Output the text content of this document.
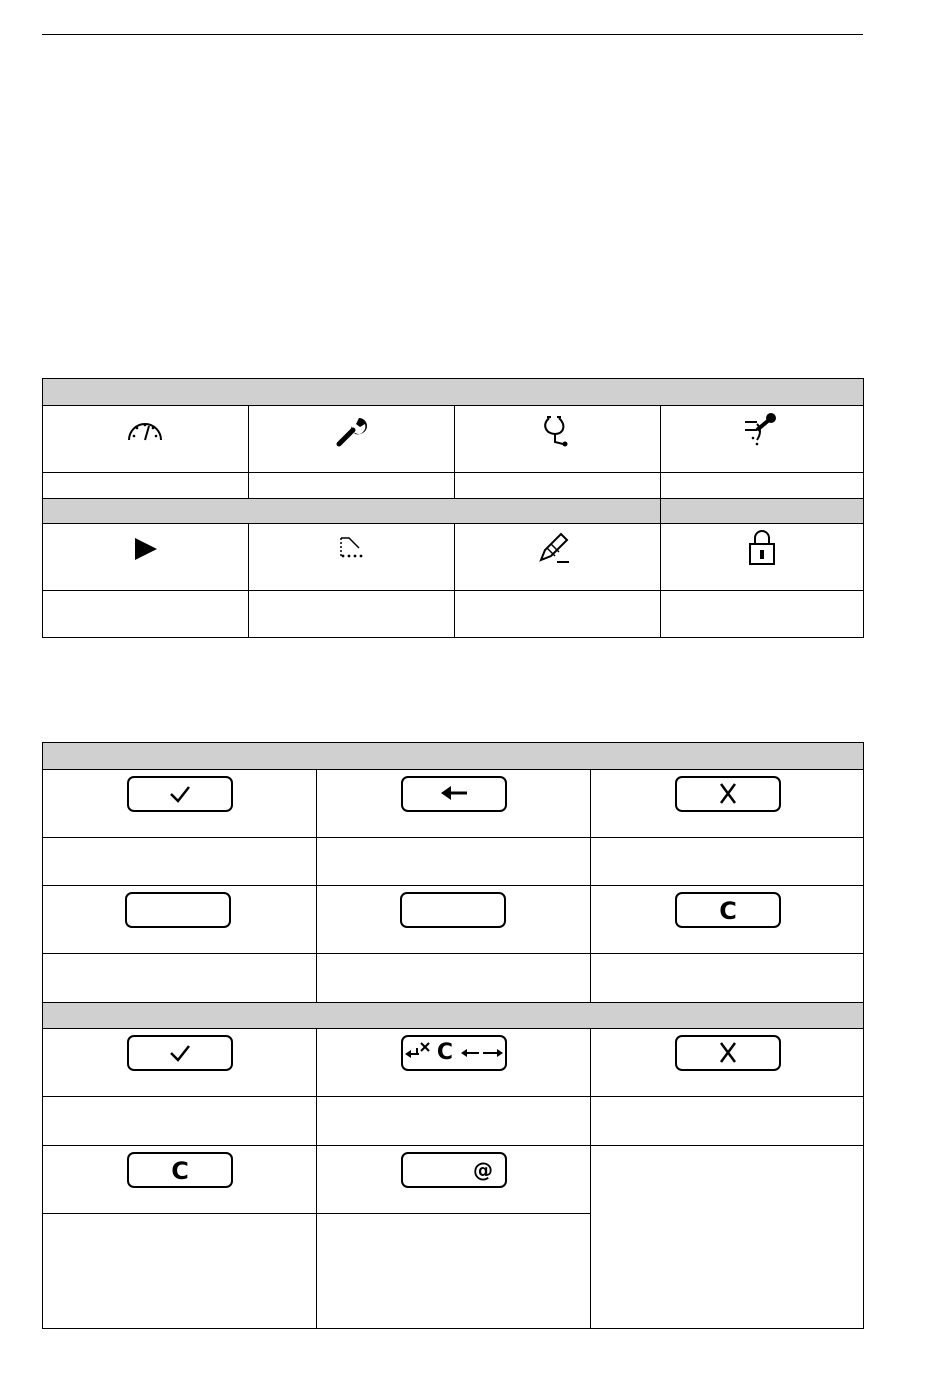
C
C
C	@
